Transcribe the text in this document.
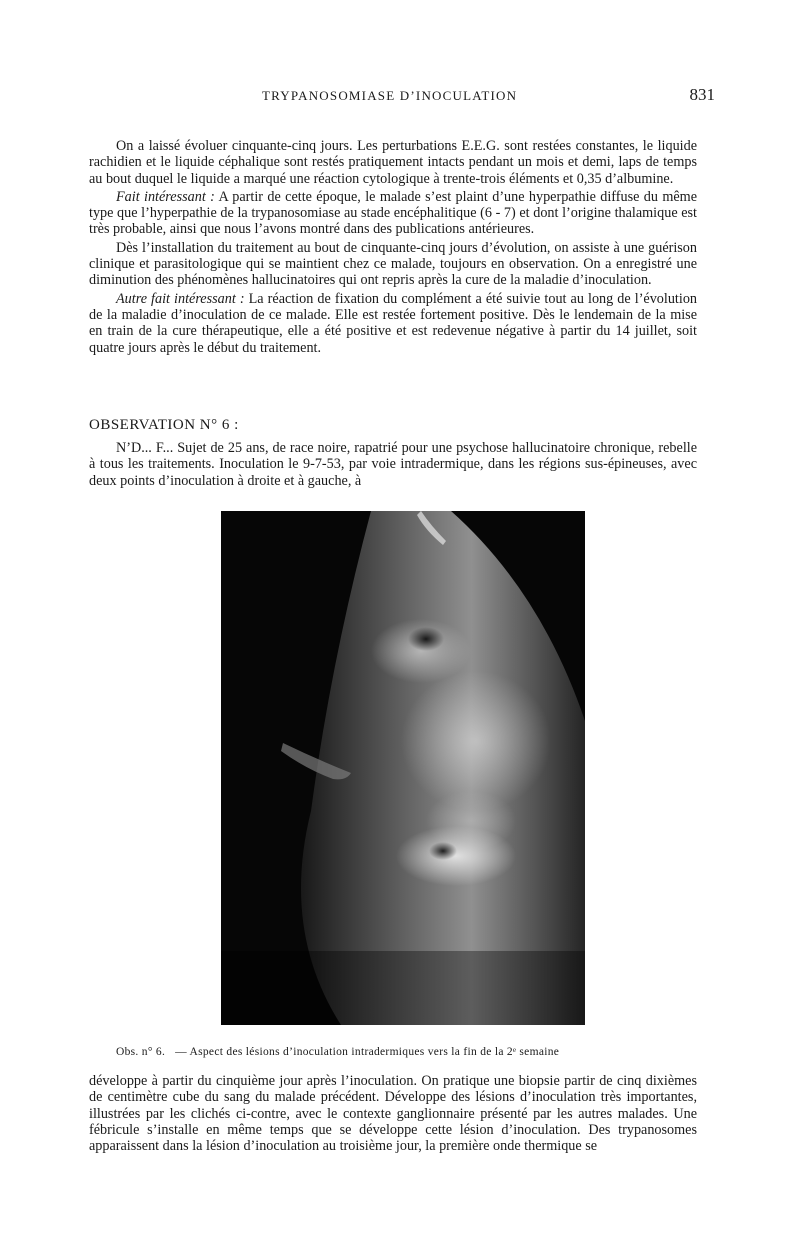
TRYPANOSOMIASE D’INOCULATION	831

On a laissé évoluer cinquante-cinq jours. Les perturbations E.E.G. sont restées constantes, le liquide rachidien et le liquide céphalique sont restés pratiquement intacts pendant un mois et demi, laps de temps au bout duquel le liquide a marqué une réaction cytologique à trente-trois éléments et 0,35 d’albumine.

Fait intéressant : A partir de cette époque, le malade s’est plaint d’une hyperpathie diffuse du même type que l’hyperpathie de la trypanosomiase au stade encéphalitique (6 - 7) et dont l’origine thalamique est très probable, ainsi que nous l’avons montré dans des publications antérieures.

Dès l’installation du traitement au bout de cinquante-cinq jours d’évolution, on assiste à une guérison clinique et parasitologique qui se maintient chez ce malade, toujours en observation. On a enregistré une diminution des phénomènes hallucinatoires qui ont repris après la cure de la maladie d’inoculation.

Autre fait intéressant : La réaction de fixation du complément a été suivie tout au long de l’évolution de la maladie d’inoculation de ce malade. Elle est restée fortement positive. Dès le lendemain de la mise en train de la cure thérapeutique, elle a été positive et est redevenue négative à partir du 14 juillet, soit quatre jours après le début du traitement.

OBSERVATION N° 6 :

N’D... F... Sujet de 25 ans, de race noire, rapatrié pour une psychose hallucinatoire chronique, rebelle à tous les traitements. Inoculation le 9-7-53, par voie intradermique, dans les régions sus-épineuses, avec deux points d’inoculation à droite et à gauche, à

Obs. n° 6. — Aspect des lésions d’inoculation intradermiques vers la fin de la 2ᵉ semaine

développe à partir du cinquième jour après l’inoculation. On pratique une biopsie partir de cinq dixièmes de centimètre cube du sang du malade précédent. Développe des lésions d’inoculation très importantes, illustrées par les clichés ci-contre, avec le contexte ganglionnaire présenté par les autres malades. Une fébricule s’installe en même temps que se développe cette lésion d’inoculation. Des trypanosomes apparaissent dans la lésion d’inoculation au troisième jour, la première onde thermique se
